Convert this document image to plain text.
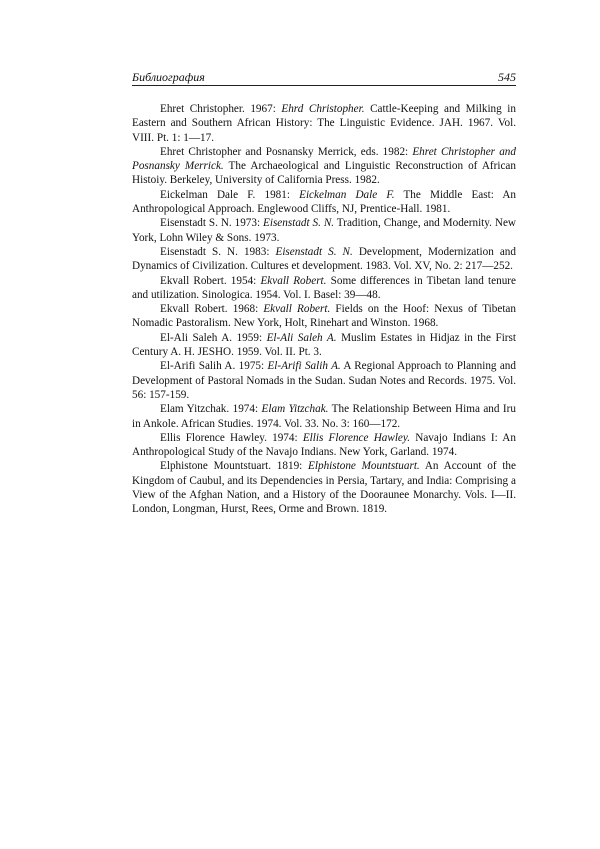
Библиография	545

Ehret Christopher. 1967: Ehrd Christopher. Cattle-Keeping and Milking in Eastern and Southern African History: The Linguistic Evidence. JAH. 1967. Vol. VIII. Pt. 1: 1—17.

Ehret Christopher and Posnansky Merrick, eds. 1982: Ehret Christopher and Posnansky Merrick. The Archaeological and Linguistic Reconstruction of African Histoiy. Berkeley, University of California Press. 1982.

Eickelman Dale F. 1981: Eickelman Dale F. The Middle East: An Anthropological Approach. Englewood Cliffs, NJ, Prentice-Hall. 1981.

Eisenstadt S. N. 1973: Eisenstadt S. N. Tradition, Change, and Modernity. New York, Lohn Wiley & Sons. 1973.

Eisenstadt S. N. 1983: Eisenstadt S. N. Development, Modernization and Dynamics of Civilization. Cultures et development. 1983. Vol. XV, No. 2: 217—252.

Ekvall Robert. 1954: Ekvall Robert. Some differences in Tibetan land tenure and utilization. Sinologica. 1954. Vol. I. Basel: 39—48.

Ekvall Robert. 1968: Ekvall Robert. Fields on the Hoof: Nexus of Tibetan Nomadic Pastoralism. New York, Holt, Rinehart and Winston. 1968.

El-Ali Saleh A. 1959: El-Ali Saleh A. Muslim Estates in Hidjaz in the First Century A. H. JESHO. 1959. Vol. II. Pt. 3.

El-Arifi Salih A. 1975: El-Arifi Salih A. A Regional Approach to Planning and Development of Pastoral Nomads in the Sudan. Sudan Notes and Records. 1975. Vol. 56: 157-159.

Elam Yitzchak. 1974: Elam Yitzchak. The Relationship Between Hima and Iru in Ankole. African Studies. 1974. Vol. 33. No. 3: 160—172.

Ellis Florence Hawley. 1974: Ellis Florence Hawley. Navajo Indians I: An Anthropological Study of the Navajo Indians. New York, Garland. 1974.

Elphistone Mountstuart. 1819: Elphistone Mountstuart. An Account of the Kingdom of Caubul, and its Dependencies in Persia, Tartary, and India: Comprising a View of the Afghan Nation, and a History of the Dooraunee Monarchy. Vols. I—II. London, Longman, Hurst, Rees, Orme and Brown. 1819.
